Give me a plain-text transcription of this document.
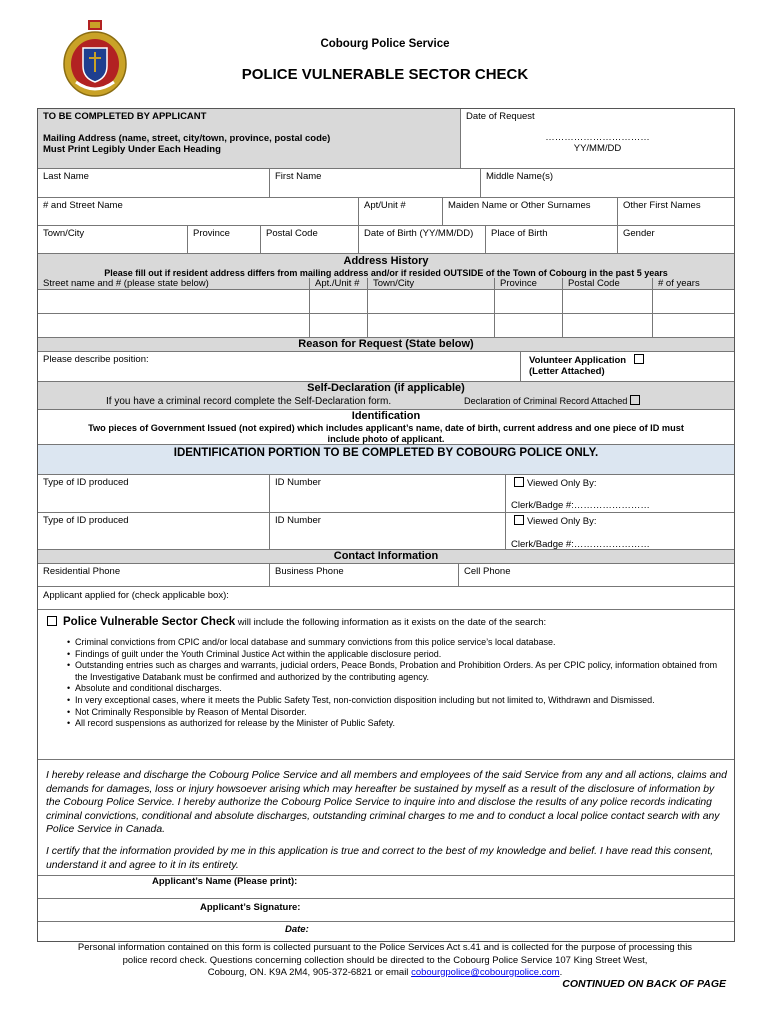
Cobourg Police Service
POLICE VULNERABLE SECTOR CHECK
TO BE COMPLETED BY APPLICANT
Mailing Address (name, street, city/town, province, postal code)
Must Print Legibly Under Each Heading
Date of Request
……………………………
YY/MM/DD
Last Name	First Name	Middle Name(s)
# and Street Name	Apt/Unit #	Maiden Name or Other Surnames	Other First Names
Town/City	Province	Postal Code	Date of Birth (YY/MM/DD)	Place of Birth	Gender
Address History
Please fill out if resident address differs from mailing address and/or if resided OUTSIDE of the Town of Cobourg in the past 5 years
Street name and # (please state below)	Apt./Unit #	Town/City	Province	Postal Code	# of years
Reason for Request (State below)
Please describe position:	Volunteer Application
(Letter Attached)
Self-Declaration (if applicable)
If you have a criminal record complete the Self-Declaration form.	Declaration of Criminal Record Attached
Identification
Two pieces of Government Issued (not expired) which includes applicant’s name, date of birth, current address and one piece of ID must
include photo of applicant.
IDENTIFICATION PORTION TO BE COMPLETED BY COBOURG POLICE ONLY.
Type of ID produced	ID Number	Viewed Only By:
Clerk/Badge #:……………………
Type of ID produced	ID Number	Viewed Only By:
Clerk/Badge #:……………………
Contact Information
Residential Phone	Business Phone	Cell Phone
Applicant applied for (check applicable box):
Police Vulnerable Sector Check will include the following information as it exists on the date of the search:
• Criminal convictions from CPIC and/or local database and summary convictions from this police service’s local database.
• Findings of guilt under the Youth Criminal Justice Act within the applicable disclosure period.
• Outstanding entries such as charges and warrants, judicial orders, Peace Bonds, Probation and Prohibition Orders. As per CPIC policy, information obtained from the Investigative Databank must be confirmed and authorized by the contributing agency.
• Absolute and conditional discharges.
• In very exceptional cases, where it meets the Public Safety Test, non-conviction disposition including but not limited to, Withdrawn and Dismissed.
• Not Criminally Responsible by Reason of Mental Disorder.
• All record suspensions as authorized for release by the Minister of Public Safety.
I hereby release and discharge the Cobourg Police Service and all members and employees of the said Service from any and all actions, claims and demands for damages, loss or injury howsoever arising which may hereafter be sustained by myself as a result of the disclosure of information by the Cobourg Police Service. I hereby authorize the Cobourg Police Service to inquire into and disclose the results of any police records indicating criminal convictions, conditional and absolute discharges, outstanding criminal charges to me and to conduct a local police contact search with any Police Service in Canada.
I certify that the information provided by me in this application is true and correct to the best of my knowledge and belief. I have read this consent, understand it and agree to it in its entirety.
Applicant’s Name (Please print):
Applicant’s Signature:
Date:
Personal information contained on this form is collected pursuant to the Police Services Act s.41 and is collected for the purpose of processing this
police record check. Questions concerning collection should be directed to the Cobourg Police Service 107 King Street West,
Cobourg, ON. K9A 2M4, 905-372-6821 or email cobourgpolice@cobourgpolice.com.
CONTINUED ON BACK OF PAGE
